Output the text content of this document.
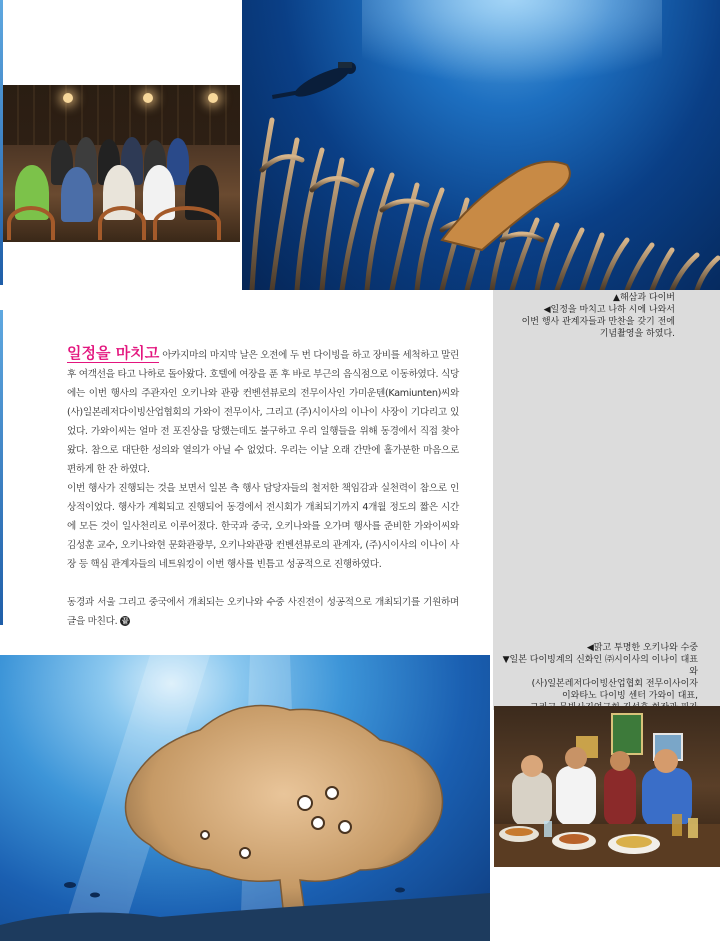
▲해삼과 다이버
◀일정을 마치고 나하 시에 나와서
이번 행사 관계자들과 만찬을 갖기 전에
기념촬영을 하였다.

일정을 마치고 아카지마의 마지막 날은 오전에 두 번 다이빙을 하고 장비를 세척하고 말린 후 여객선을 타고 나하로 돌아왔다. 호텔에 여장을 푼 후 바로 부근의 음식점으로 이동하였다. 식당에는 이번 행사의 주관자인 오키나와 관광 컨벤션뷰로의 전무이사인 가미운텐(Kamiunten)씨와 (사)일본레저다이빙산업협회의 가와이 전무이사, 그리고 (주)시이사의 이나이 사장이 기다리고 있었다. 가와이씨는 얼마 전 포진상을 당했는데도 불구하고 우리 일행들을 위해 동경에서 직접 찾아왔다. 참으로 대단한 성의와 열의가 아닐 수 없었다. 우리는 이날 오래 간만에 홀가분한 마음으로 편하게 한 잔 하였다.

이번 행사가 진행되는 것을 보면서 일본 측 행사 담당자들의 철저한 책임감과 실천력이 참으로 인상적이었다. 행사가 계획되고 진행되어 동경에서 전시회가 개최되기까지 4개월 정도의 짧은 시간에 모든 것이 일사천리로 이루어졌다. 한국과 중국, 오키나와를 오가며 행사를 준비한 가와이씨와 김성훈 교수, 오키나와현 문화관광부, 오키나와관광 컨벤션뷰로의 관계자, (주)시이사의 이나이 사장 등 핵심 관계자들의 네트워킹이 이번 행사를 빈틈고 성공적으로 진행하였다.

동경과 서울 그리고 중국에서 개최되는 오키나와 수중 사진전이 성공적으로 개최되기를 기원하며 글을 마친다. 끝

◀맑고 투명한 오키나와 수중
▼일본 다이빙계의 신화인 ㈜시이사의 이나이 대표와
(사)일본레저다이빙산업협회 전무이사이자
이와타노 다이빙 센터 가와이 대표,
